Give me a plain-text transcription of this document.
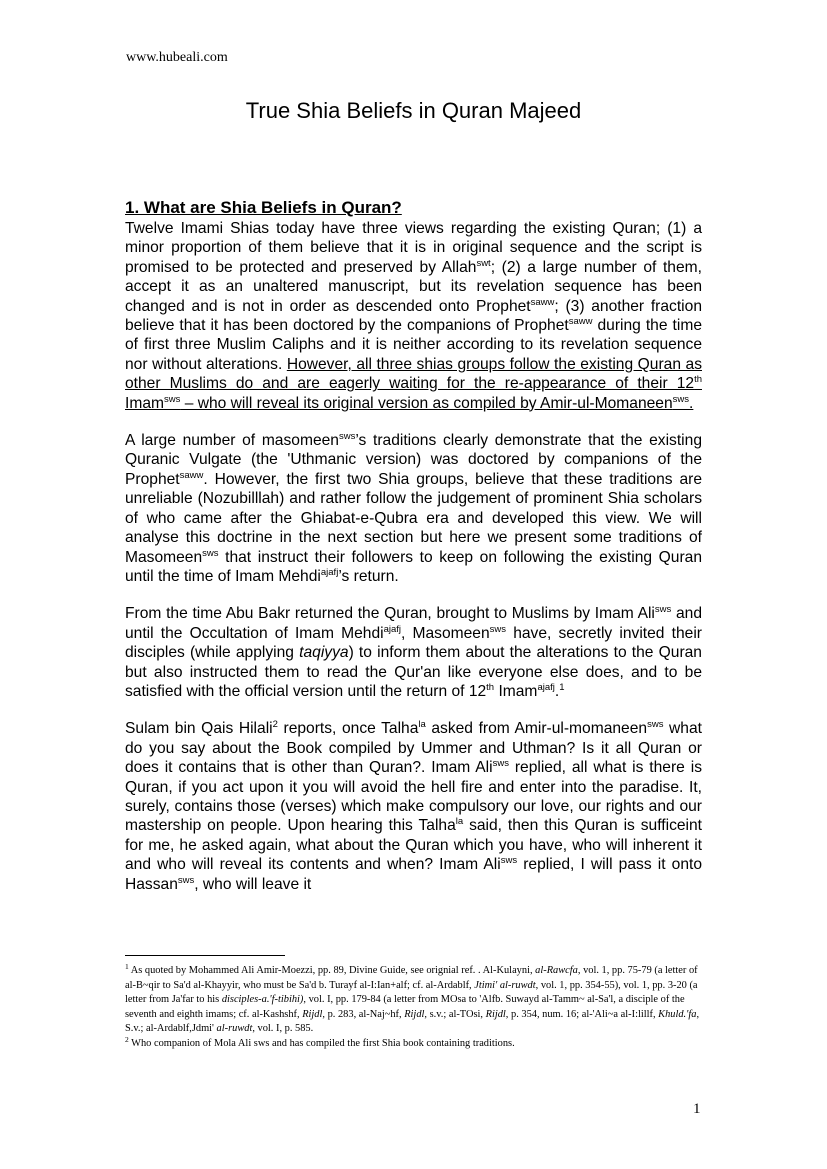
www.hubeali.com
True Shia Beliefs in Quran Majeed
1. What are Shia Beliefs in Quran?

Twelve Imami Shias today have three views regarding the existing Quran; (1) a minor proportion of them believe that it is in original sequence and the script is promised to be protected and preserved by Allah$^{swt}$; (2) a large number of them, accept it as an unaltered manuscript, but its revelation sequence has been changed and is not in order as descended onto Prophet$^{saww}$; (3) another fraction believe that it has been doctored by the companions of Prophet$^{saww}$ during the time of first three Muslim Caliphs and it is neither according to its revelation sequence nor without alterations. However, all three shias groups follow the existing Quran as other Muslims do and are eagerly waiting for the re-appearance of their 12th Imam$^{sws}$ – who will reveal its original version as compiled by Amir-ul-Momaneen$^{sws}$.

A large number of masomeen$^{sws}$’s traditions clearly demonstrate that the existing Quranic Vulgate (the 'Uthmanic version) was doctored by companions of the Prophet$^{saww}$. However, the first two Shia groups, believe that these traditions are unreliable (Nozubilllah) and rather follow the judgement of prominent Shia scholars of who came after the Ghiabat-e-Qubra era and developed this view. We will analyse this doctrine in the next section but here we present some traditions of Masomeen$^{sws}$ that instruct their followers to keep on following the existing Quran until the time of Imam Mehdi$^{ajafj}$’s return.

From the time Abu Bakr returned the Quran, brought to Muslims by Imam Ali$^{sws}$ and until the Occultation of Imam Mehdi$^{ajafj}$, Masomeen$^{sws}$ have, secretly invited their disciples (while applying taqiyya) to inform them about the alterations to the Quran but also instructed them to read the Qur'an like everyone else does, and to be satisfied with the official version until the return of 12th Imam$^{ajafj}$.$^1$

Sulam bin Qais Hilali$^2$ reports, once Talha$^{la}$ asked from Amir-ul-momaneen$^{sws}$ what do you say about the Book compiled by Ummer and Uthman? Is it all Quran or does it contains that is other than Quran?. Imam Ali$^{sws}$ replied, all what is there is Quran, if you act upon it you will avoid the hell fire and enter into the paradise. It, surely, contains those (verses) which make compulsory our love, our rights and our mastership on people. Upon hearing this Talha$^{la}$ said, then this Quran is sufficeint for me, he asked again, what about the Quran which you have, who will inherent it and who will reveal its contents and when? Imam Ali$^{sws}$ replied, I will pass it onto Hassan$^{sws}$, who will leave it

$^1$ As quoted by Mohammed Ali Amir-Moezzi, pp. 89, Divine Guide, see orignial ref. . Al-Kulayni, al-Rawcfa, vol. 1, pp. 75-79 (a letter of al-B~qir to Sa'd al-Khayyir, who must be Sa'd b. Turayf al-I:Ian+alf; cf. al-Ardablf, Jtimi' al-ruwdt, vol. 1, pp. 354-55), vol. 1, pp. 3-20 (a letter from Ja'far to his disciples-a.'f-tibihi), vol. I, pp. 179-84 (a letter from MOsa to 'Alfb. Suwayd al-Tamm~ al-Sa'l, a disciple of the seventh and eighth imams; cf. al-Kashshf, Rijdl, p. 283, al-Naj~hf, Rijdl, s.v.; al-TOsi, Rijdl, p. 354, num. 16; al-'Ali~a al-I:lillf, Khuld.'fa, S.v.; al-Ardablf,Jdmi' al-ruwdt, vol. I, p. 585.
$^2$ Who companion of Mola Ali sws and has compiled the first Shia book containing traditions.
1
